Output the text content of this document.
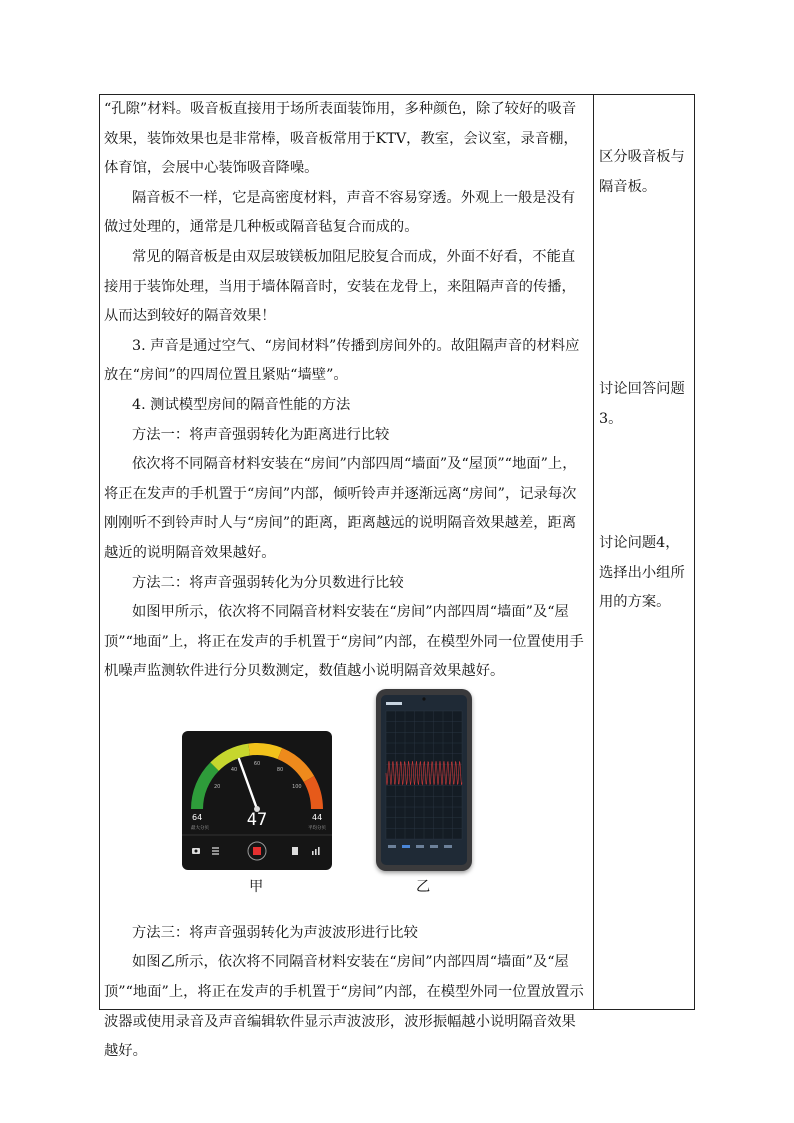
“孔隙”材料。吸音板直接用于场所表面装饰用，多种颜色，除了较好的吸音效果，装饰效果也是非常棒，吸音板常用于KTV，教室，会议室，录音棚，体育馆，会展中心装饰吸音降噪。

隔音板不一样，它是高密度材料，声音不容易穿透。外观上一般是没有做过处理的，通常是几种板或隔音毡复合而成的。

常见的隔音板是由双层玻镁板加阻尼胶复合而成，外面不好看，不能直接用于装饰处理，当用于墙体隔音时，安装在龙骨上，来阻隔声音的传播，从而达到较好的隔音效果！

3. 声音是通过空气、“房间材料”传播到房间外的。故阻隔声音的材料应放在“房间”的四周位置且紧贴“墙壁”。

4. 测试模型房间的隔音性能的方法

方法一：将声音强弱转化为距离进行比较

依次将不同隔音材料安装在“房间”内部四周“墙面”及“屋顶”“地面”上，将正在发声的手机置于“房间”内部，倾听铃声并逐渐远离“房间”，记录每次刚刚听不到铃声时人与“房间”的距离，距离越远的说明隔音效果越差，距离越近的说明隔音效果越好。

方法二：将声音强弱转化为分贝数进行比较

如图甲所示，依次将不同隔音材料安装在“房间”内部四周“墙面”及“屋顶”“地面”上，将正在发声的手机置于“房间”内部，在模型外同一位置使用手机噪声监测软件进行分贝数测定，数值越小说明隔音效果越好。

20
40
60
80
100
47
64
最大分贝
44
平均分贝
甲	乙

方法三：将声音强弱转化为声波波形进行比较

如图乙所示，依次将不同隔音材料安装在“房间”内部四周“墙面”及“屋顶”“地面”上，将正在发声的手机置于“房间”内部，在模型外同一位置放置示波器或使用录音及声音编辑软件显示声波波形，波形振幅越小说明隔音效果越好。

区分吸音板与隔音板。
讨论回答问题3。
讨论问题4，选择出小组所用的方案。
